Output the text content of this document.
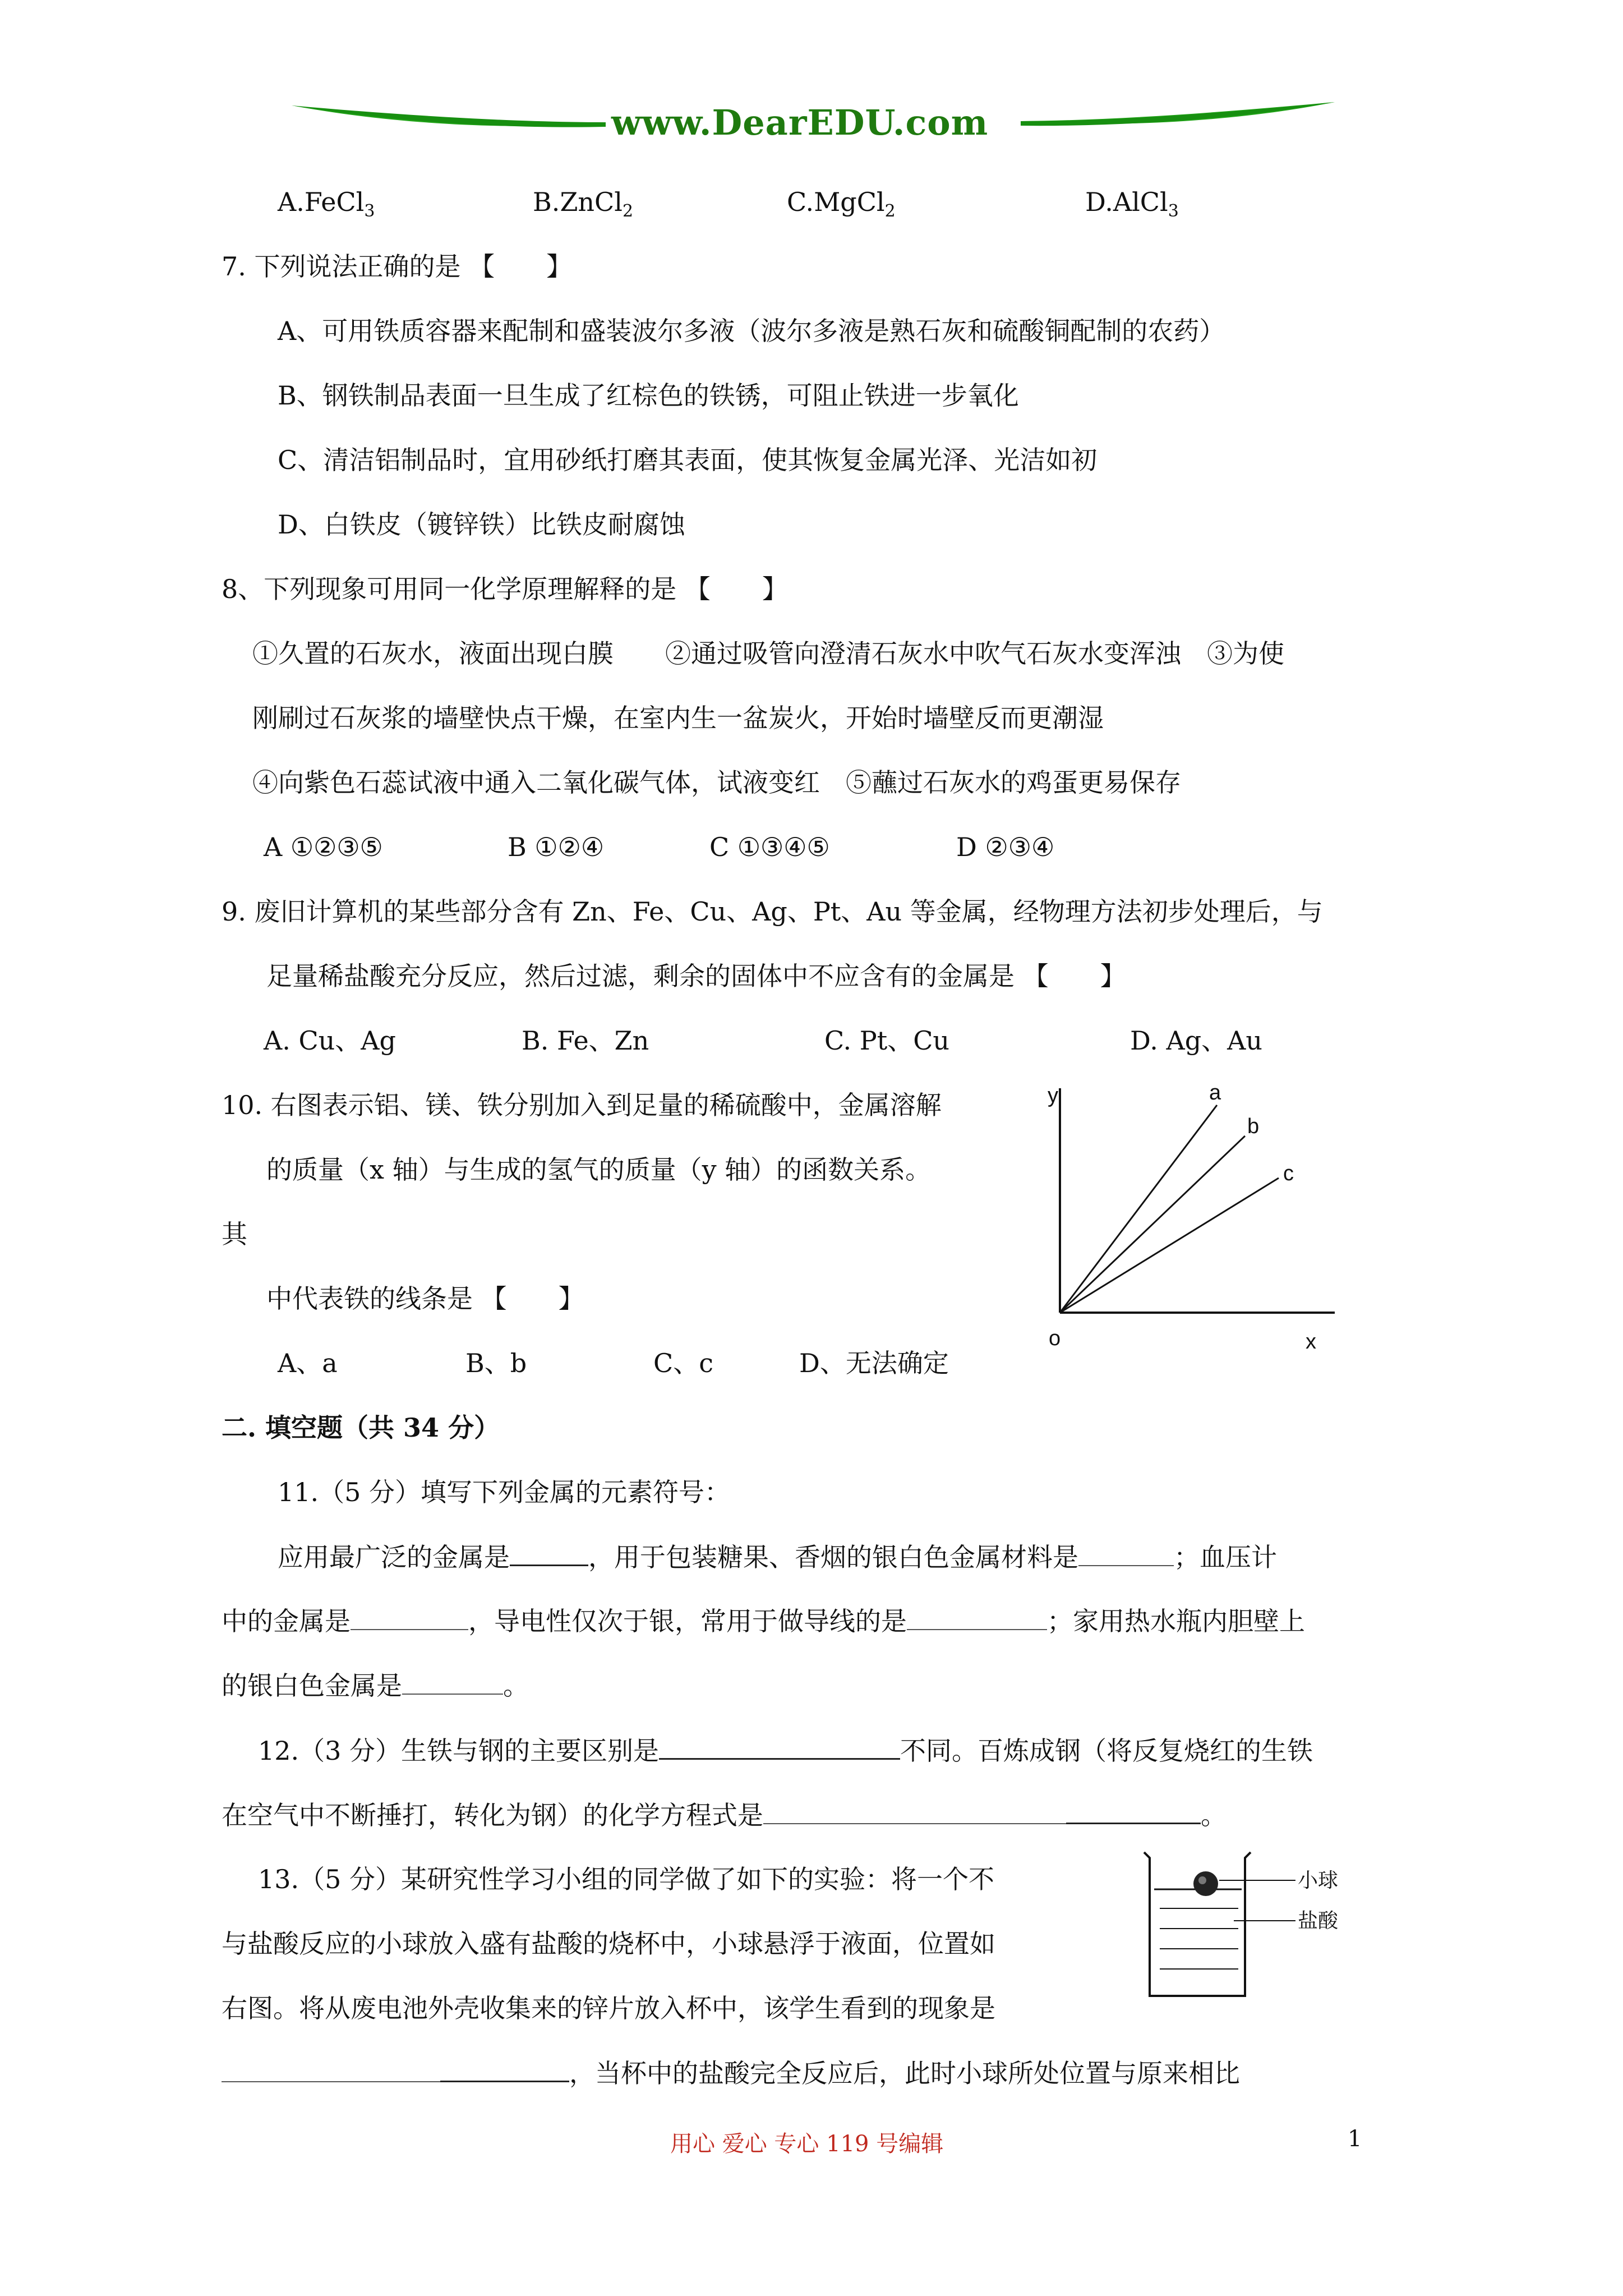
www.DearEDU.com
A.FeCl$_3$	B.ZnCl$_2$	C.MgCl$_2$	D.AlCl$_3$
7. 下列说法正确的是 【　　】
A、可用铁质容器来配制和盛装波尔多液（波尔多液是熟石灰和硫酸铜配制的农药）
B、钢铁制品表面一旦生成了红棕色的铁锈，可阻止铁进一步氧化
C、清洁铝制品时，宜用砂纸打磨其表面，使其恢复金属光泽、光洁如初
D、白铁皮（镀锌铁）比铁皮耐腐蚀
8、下列现象可用同一化学原理解释的是 【　　】
①久置的石灰水，液面出现白膜　　②通过吸管向澄清石灰水中吹气石灰水变浑浊　③为使
刚刷过石灰浆的墙壁快点干燥，在室内生一盆炭火，开始时墙壁反而更潮湿
④向紫色石蕊试液中通入二氧化碳气体，试液变红　⑤蘸过石灰水的鸡蛋更易保存
A ①②③⑤	B ①②④	C ①③④⑤	D ②③④
9. 废旧计算机的某些部分含有 Zn、Fe、Cu、Ag、Pt、Au 等金属，经物理方法初步处理后，与
足量稀盐酸充分反应，然后过滤，剩余的固体中不应含有的金属是 【　　】
A. Cu、Ag	B. Fe、Zn	C. Pt、Cu	D. Ag、Au
10. 右图表示铝、镁、铁分别加入到足量的稀硫酸中，金属溶解
的质量（x 轴）与生成的氢气的质量（y 轴）的函数关系。
其
中代表铁的线条是 【　　】
A、a	B、b	C、c	D、无法确定
y	a
b
c
o	x
二. 填空题（共 34 分）
11.（5 分）填写下列金属的元素符号：
应用最广泛的金属是	，用于包装糖果、香烟的银白色金属材料是	；血压计
中的金属是	，导电性仅次于银，常用于做导线的是	；家用热水瓶内胆壁上
的银白色金属是	。
12.（3 分）生铁与钢的主要区别是	不同。百炼成钢（将反复烧红的生铁
在空气中不断捶打，转化为钢）的化学方程式是	。
13.（5 分）某研究性学习小组的同学做了如下的实验：将一个不
与盐酸反应的小球放入盛有盐酸的烧杯中，小球悬浮于液面，位置如
右图。将从废电池外壳收集来的锌片放入杯中，该学生看到的现象是
，当杯中的盐酸完全反应后，此时小球所处位置与原来相比
小球
盐酸
用心 爱心 专心 119 号编辑	1
